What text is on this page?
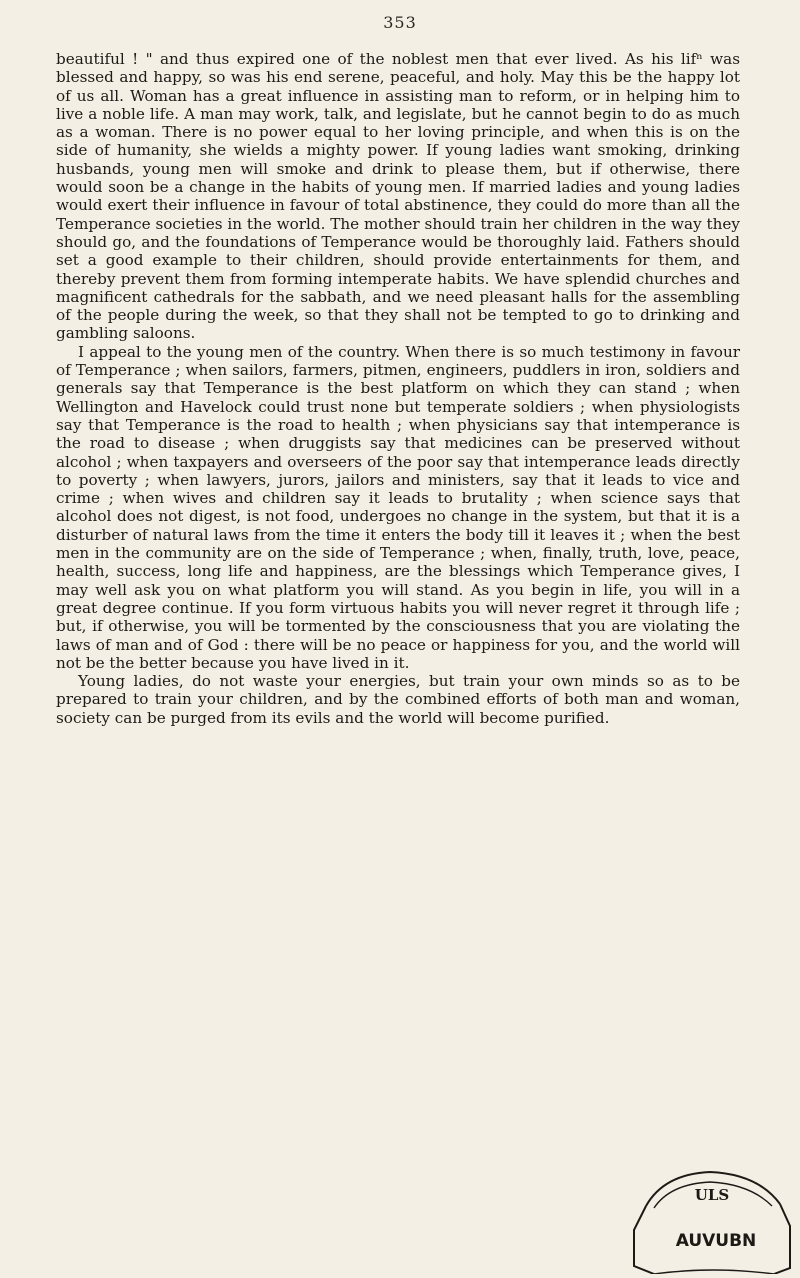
353

beautiful ! " and thus expired one of the noblest men that ever lived. As his lifⁿ was blessed and happy, so was his end serene, peaceful, and holy. May this be the happy lot of us all. Woman has a great influence in assisting man to reform, or in helping him to live a noble life. A man may work, talk, and legislate, but he cannot begin to do as much as a woman. There is no power equal to her loving principle, and when this is on the side of humanity, she wields a mighty power. If young ladies want smoking, drinking husbands, young men will smoke and drink to please them, but if otherwise, there would soon be a change in the habits of young men. If married ladies and young ladies would exert their influence in favour of total abstinence, they could do more than all the Temperance societies in the world. The mother should train her children in the way they should go, and the foundations of Temperance would be thoroughly laid. Fathers should set a good example to their children, should provide entertainments for them, and thereby prevent them from forming intemperate habits. We have splendid churches and magnificent cathedrals for the sabbath, and we need pleasant halls for the assembling of the people during the week, so that they shall not be tempted to go to drinking and gambling saloons.

I appeal to the young men of the country. When there is so much testimony in favour of Temperance ; when sailors, farmers, pitmen, engineers, puddlers in iron, soldiers and generals say that Temperance is the best platform on which they can stand ; when Wellington and Havelock could trust none but temperate soldiers ; when physiologists say that Temperance is the road to health ; when physicians say that intemperance is the road to disease ; when druggists say that medicines can be preserved without alcohol ; when taxpayers and overseers of the poor say that intemperance leads directly to poverty ; when lawyers, jurors, jailors and ministers, say that it leads to vice and crime ; when wives and children say it leads to brutality ; when science says that alcohol does not digest, is not food, undergoes no change in the system, but that it is a disturber of natural laws from the time it enters the body till it leaves it ; when the best men in the community are on the side of Temperance ; when, finally, truth, love, peace, health, success, long life and happiness, are the blessings which Temperance gives, I may well ask you on what platform you will stand. As you begin in life, you will in a great degree continue. If you form virtuous habits you will never regret it through life ; but, if otherwise, you will be tormented by the consciousness that you are violating the laws of man and of God : there will be no peace or happiness for you, and the world will not be the better because you have lived in it.

Young ladies, do not waste your energies, but train your own minds so as to be prepared to train your children, and by the combined efforts of both man and woman, society can be purged from its evils and the world will become purified.

ULS
AUVUBN
